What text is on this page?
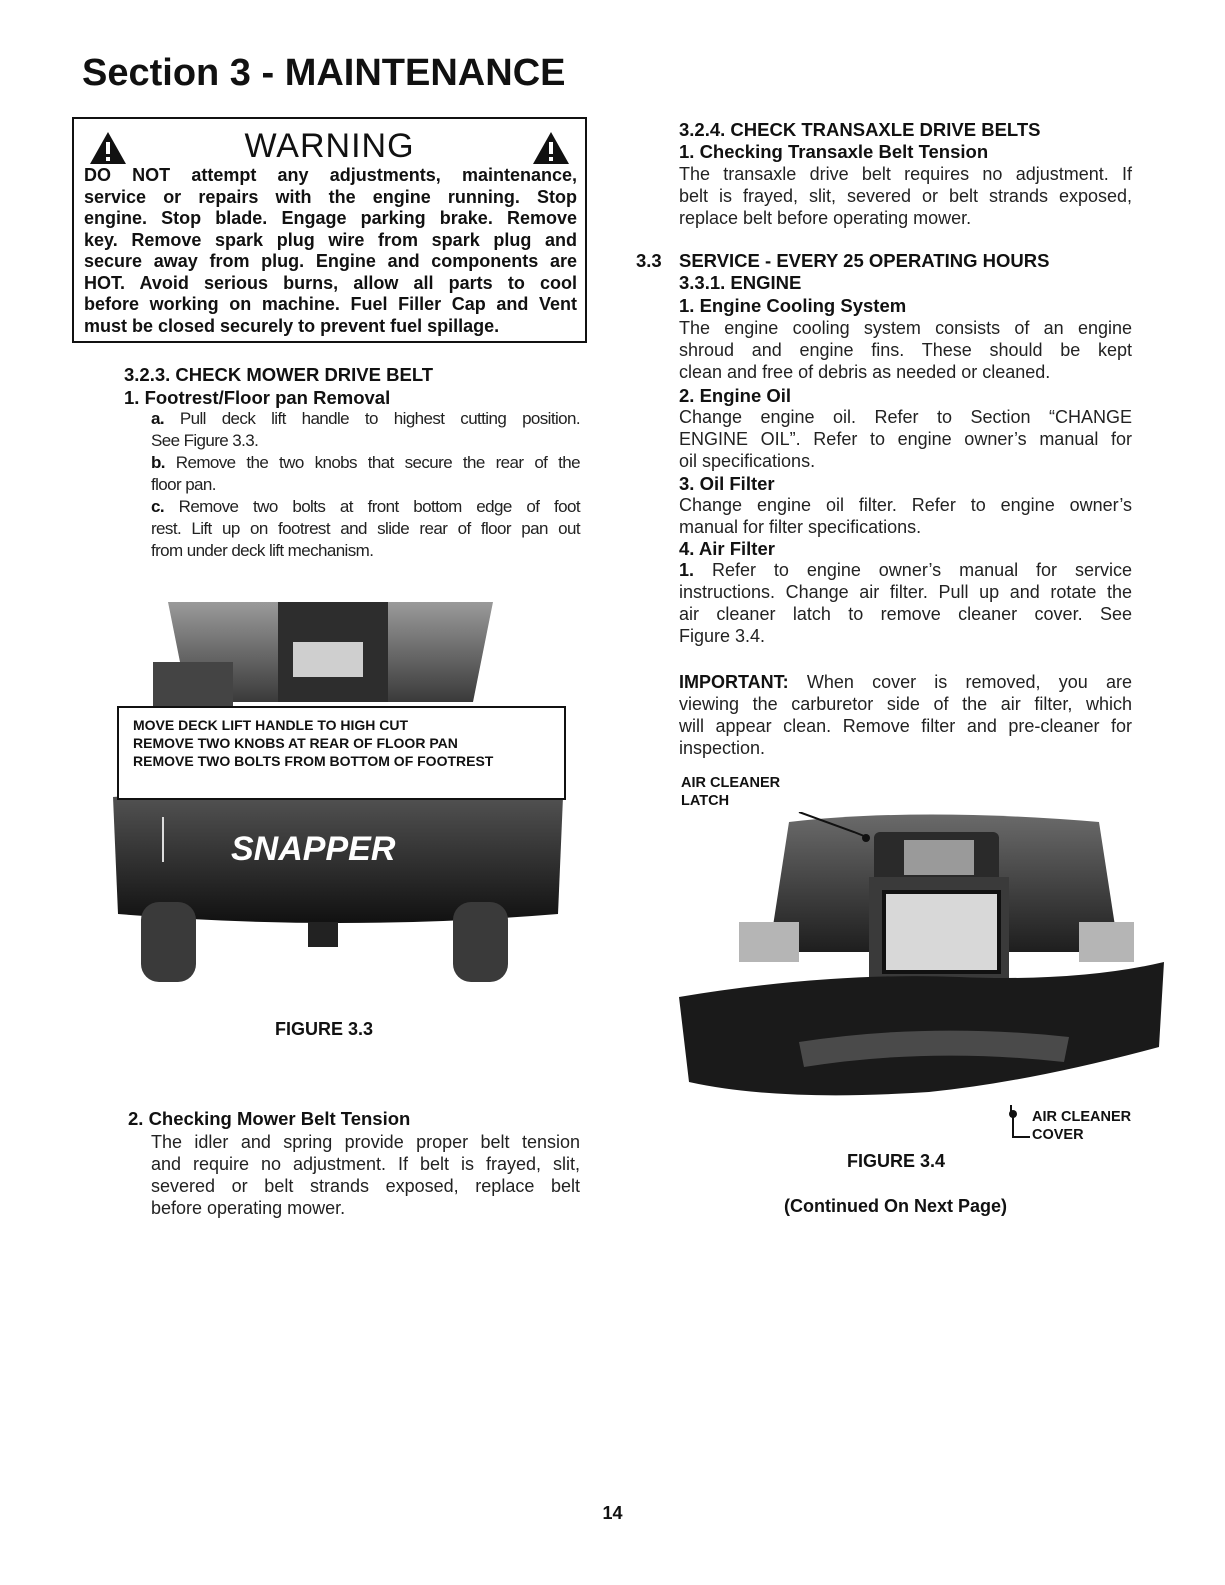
Section 3 - MAINTENANCE
WARNING
DO NOT attempt any adjustments, maintenance,
service or repairs with the engine running. Stop
engine. Stop blade. Engage parking brake. Remove
key. Remove spark plug wire from spark plug and
secure away from plug. Engine and components are
HOT. Avoid serious burns, allow all parts to cool
before working on machine. Fuel Filler Cap and Vent
must be closed securely to prevent fuel spillage.
3.2.3. CHECK MOWER DRIVE BELT
1. Footrest/Floor pan Removal
a. Pull deck lift handle to highest cutting position.
See Figure 3.3.
b. Remove the two knobs that secure the rear of the
floor pan.
c. Remove two bolts at front bottom edge of foot
rest. Lift up on footrest and slide rear of floor pan out
from under deck lift mechanism.
SNAPPER
MOVE DECK LIFT HANDLE TO HIGH CUT
REMOVE TWO KNOBS AT REAR OF FLOOR PAN
REMOVE TWO BOLTS FROM BOTTOM OF FOOTREST
FIGURE 3.3
2. Checking Mower Belt Tension
The idler and spring provide proper belt tension
and require no adjustment. If belt is frayed, slit,
severed or belt strands exposed, replace belt
before operating mower.
3.2.4. CHECK TRANSAXLE DRIVE BELTS
1. Checking Transaxle Belt Tension
The transaxle drive belt requires no adjustment. If
belt is frayed, slit, severed or belt strands exposed,
replace belt before operating mower.
3.3 SERVICE - EVERY 25 OPERATING HOURS
3.3.1. ENGINE
1. Engine Cooling System
The engine cooling system consists of an engine
shroud and engine fins. These should be kept
clean and free of debris as needed or cleaned.
2. Engine Oil
Change engine oil. Refer to Section “CHANGE
ENGINE OIL”. Refer to engine owner’s manual for
oil specifications.
3. Oil Filter
Change engine oil filter. Refer to engine owner’s
manual for filter specifications.
4. Air Filter
1. Refer to engine owner’s manual for service
instructions. Change air filter. Pull up and rotate the
air cleaner latch to remove cleaner cover. See
Figure 3.4.
IMPORTANT: When cover is removed, you are
viewing the carburetor side of the air filter, which
will appear clean. Remove filter and pre-cleaner for
inspection.
AIR CLEANER
LATCH
AIR CLEANER
COVER
FIGURE 3.4
(Continued On Next Page)
14
